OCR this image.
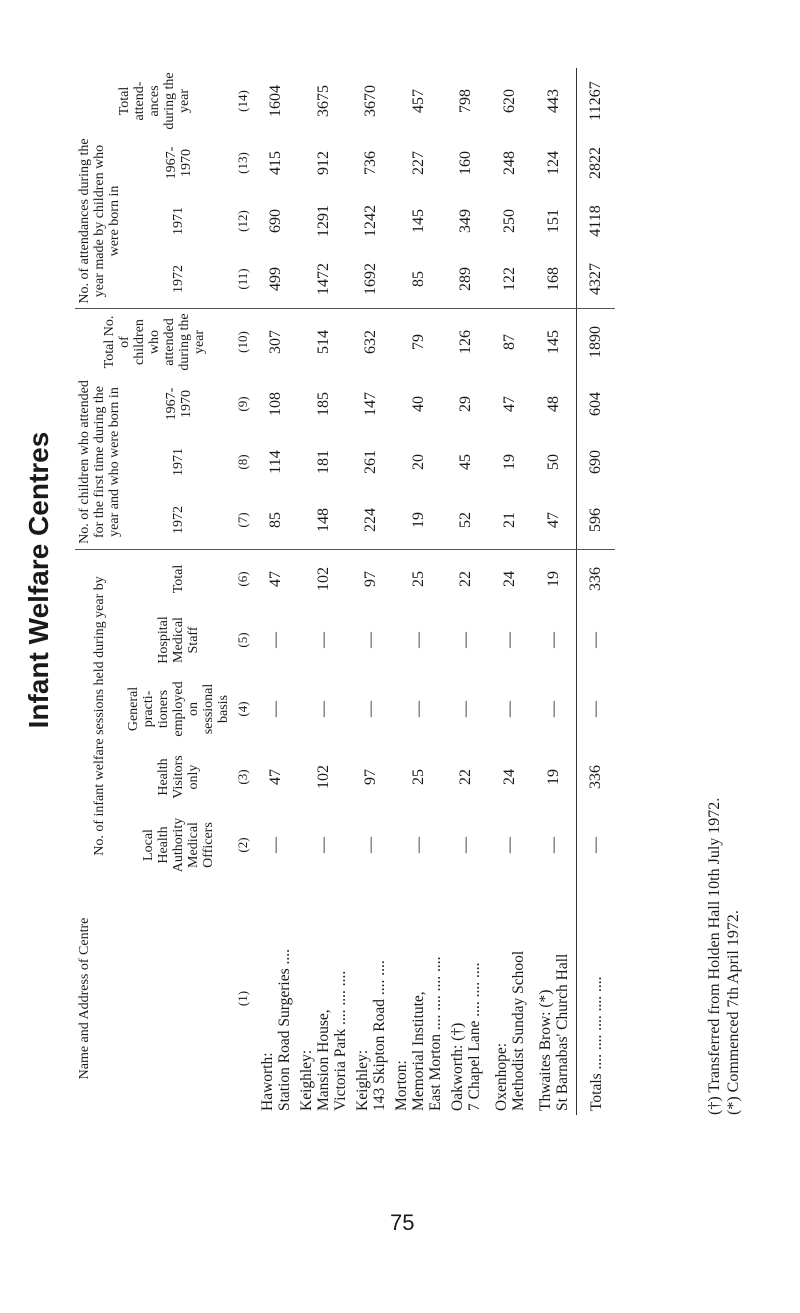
Infant Welfare Centres
Name and Address of Centre	No. of infant welfare sessions held during year by					No. of children who attended for the first time during the year and who were born in			Total No. of children who attended during the year	No. of attendances during the year made by children who were born in			Total attend- ances during the year
	Local Health Authority Medical Officers	Health Visitors only	General practi- tioners employed on sessional basis	Hospital Medical Staff	Total	1972	1971	1967- 1970		1972	1971	1967- 1970	
(1)	(2)	(3)	(4)	(5)	(6)	(7)	(8)	(9)	(10)	(11)	(12)	(13)	(14)
Haworth:
Station Road Surgeries ....	—	47	—	—	47	85	114	108	307	499	690	415	1604
Keighley:
Mansion House,
Victoria Park .... .... ....	—	102	—	—	102	148	181	185	514	1472	1291	912	3675
Keighley:
143 Skipton Road .... ....	—	97	—	—	97	224	261	147	632	1692	1242	736	3670
Morton:
Memorial Institute,
East Morton .... .... .... ....	—	25	—	—	25	19	20	40	79	85	145	227	457
Oakworth: (†)
7 Chapel Lane .... .... ....	—	22	—	—	22	52	45	29	126	289	349	160	798
Oxenhope:
Methodist Sunday School	—	24	—	—	24	21	19	47	87	122	250	248	620
Thwaites Brow: (*)
St Barnabas' Church Hall	—	19	—	—	19	47	50	48	145	168	151	124	443
Totals .... .... .... .... ....	—	336	—	—	336	596	690	604	1890	4327	4118	2822	11267
(†) Transferred from Holden Hall 10th July 1972. (*) Commenced 7th April 1972.
75
